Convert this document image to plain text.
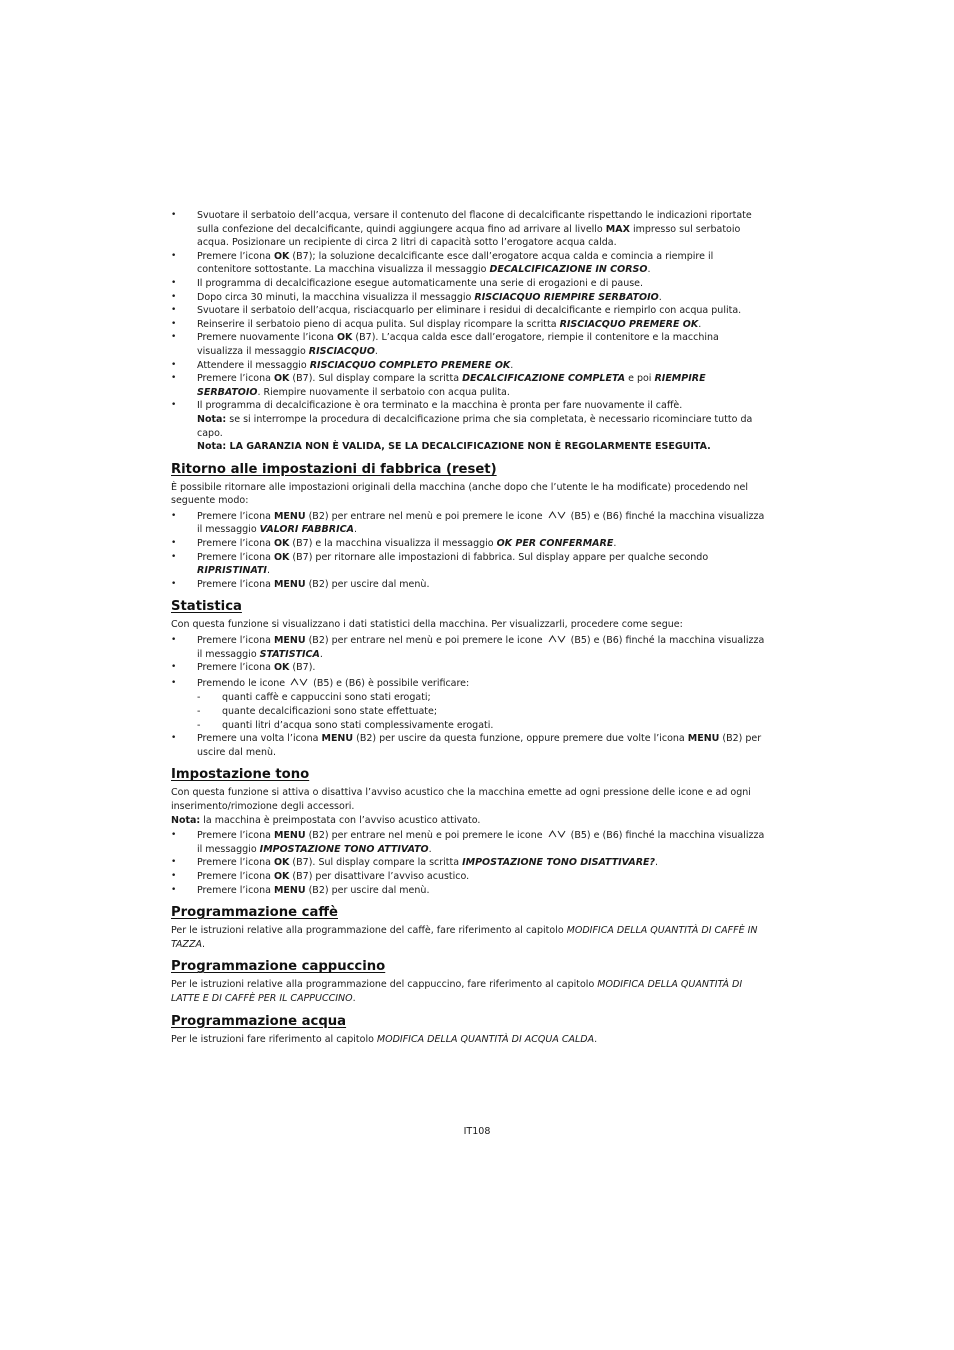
• Svuotare il serbatoio dell’acqua, versare il contenuto del flacone di decalcificante rispettando le indicazioni riportate sulla confezione del decalcificante, quindi aggiungere acqua fino ad arrivare al livello MAX impresso sul serbatoio acqua. Posizionare un recipiente di circa 2 litri di capacità sotto l’erogatore acqua calda.
• Premere l’icona OK (B7); la soluzione decalcificante esce dall’erogatore acqua calda e comincia a riempire il contenitore sottostante. La macchina visualizza il messaggio DECALCIFICAZIONE IN CORSO.
• Il programma di decalcificazione esegue automaticamente una serie di erogazioni e di pause.
• Dopo circa 30 minuti, la macchina visualizza il messaggio RISCIACQUO RIEMPIRE SERBATOIO.
• Svuotare il serbatoio dell’acqua, risciacquarlo per eliminare i residui di decalcificante e riempirlo con acqua pulita.
• Reinserire il serbatoio pieno di acqua pulita. Sul display ricompare la scritta RISCIACQUO PREMERE OK.
• Premere nuovamente l’icona OK (B7). L’acqua calda esce dall’erogatore, riempie il contenitore e la macchina visualizza il messaggio RISCIACQUO.
• Attendere il messaggio RISCIACQUO COMPLETO PREMERE OK.
• Premere l’icona OK (B7). Sul display compare la scritta DECALCIFICAZIONE COMPLETA e poi RIEMPIRE SERBATOIO. Riempire nuovamente il serbatoio con acqua pulita.
• Il programma di decalcificazione è ora terminato e la macchina è pronta per fare nuovamente il caffè.
Nota: se si interrompe la procedura di decalcificazione prima che sia completata, è necessario ricominciare tutto da capo.
Nota: LA GARANZIA NON È VALIDA, SE LA DECALCIFICAZIONE NON È REGOLARMENTE ESEGUITA.
Ritorno alle impostazioni di fabbrica (reset)

È possibile ritornare alle impostazioni originali della macchina (anche dopo che l’utente le ha modificate) procedendo nel seguente modo:

• Premere l’icona MENU (B2) per entrare nel menù e poi premere le icone  (B5) e (B6) finché la macchina visualizza il messaggio VALORI FABBRICA.
• Premere l’icona OK (B7) e la macchina visualizza il messaggio OK PER CONFERMARE.
• Premere l’icona OK (B7) per ritornare alle impostazioni di fabbrica. Sul display appare per qualche secondo RIPRISTINATI.
• Premere l’icona MENU (B2) per uscire dal menù.
Statistica

Con questa funzione si visualizzano i dati statistici della macchina. Per visualizzarli, procedere come segue:

• Premere l’icona MENU (B2) per entrare nel menù e poi premere le icone  (B5) e (B6) finché la macchina visualizza il messaggio STATISTICA.
• Premere l’icona OK (B7).
• Premendo le icone  (B5) e (B6) è possibile verificare:
- quanti caffè e cappuccini sono stati erogati;
- quante decalcificazioni sono state effettuate;
- quanti litri d’acqua sono stati complessivamente erogati.
• Premere una volta l’icona MENU (B2) per uscire da questa funzione, oppure premere due volte l’icona MENU (B2) per uscire dal menù.
Impostazione tono

Con questa funzione si attiva o disattiva l’avviso acustico che la macchina emette ad ogni pressione delle icone e ad ogni inserimento/rimozione degli accessori.

Nota: la macchina è preimpostata con l’avviso acustico attivato.

• Premere l’icona MENU (B2) per entrare nel menù e poi premere le icone  (B5) e (B6) finché la macchina visualizza il messaggio IMPOSTAZIONE TONO ATTIVATO.
• Premere l’icona OK (B7). Sul display compare la scritta IMPOSTAZIONE TONO DISATTIVARE?.
• Premere l’icona OK (B7) per disattivare l’avviso acustico.
• Premere l’icona MENU (B2) per uscire dal menù.
Programmazione caffè

Per le istruzioni relative alla programmazione del caffè, fare riferimento al capitolo MODIFICA DELLA QUANTITÀ DI CAFFÈ IN TAZZA.

Programmazione cappuccino

Per le istruzioni relative alla programmazione del cappuccino, fare riferimento al capitolo MODIFICA DELLA QUANTITÀ DI LATTE E DI CAFFÈ PER IL CAPPUCCINO.

Programmazione acqua

Per le istruzioni fare riferimento al capitolo MODIFICA DELLA QUANTITÀ DI ACQUA CALDA.

IT108
